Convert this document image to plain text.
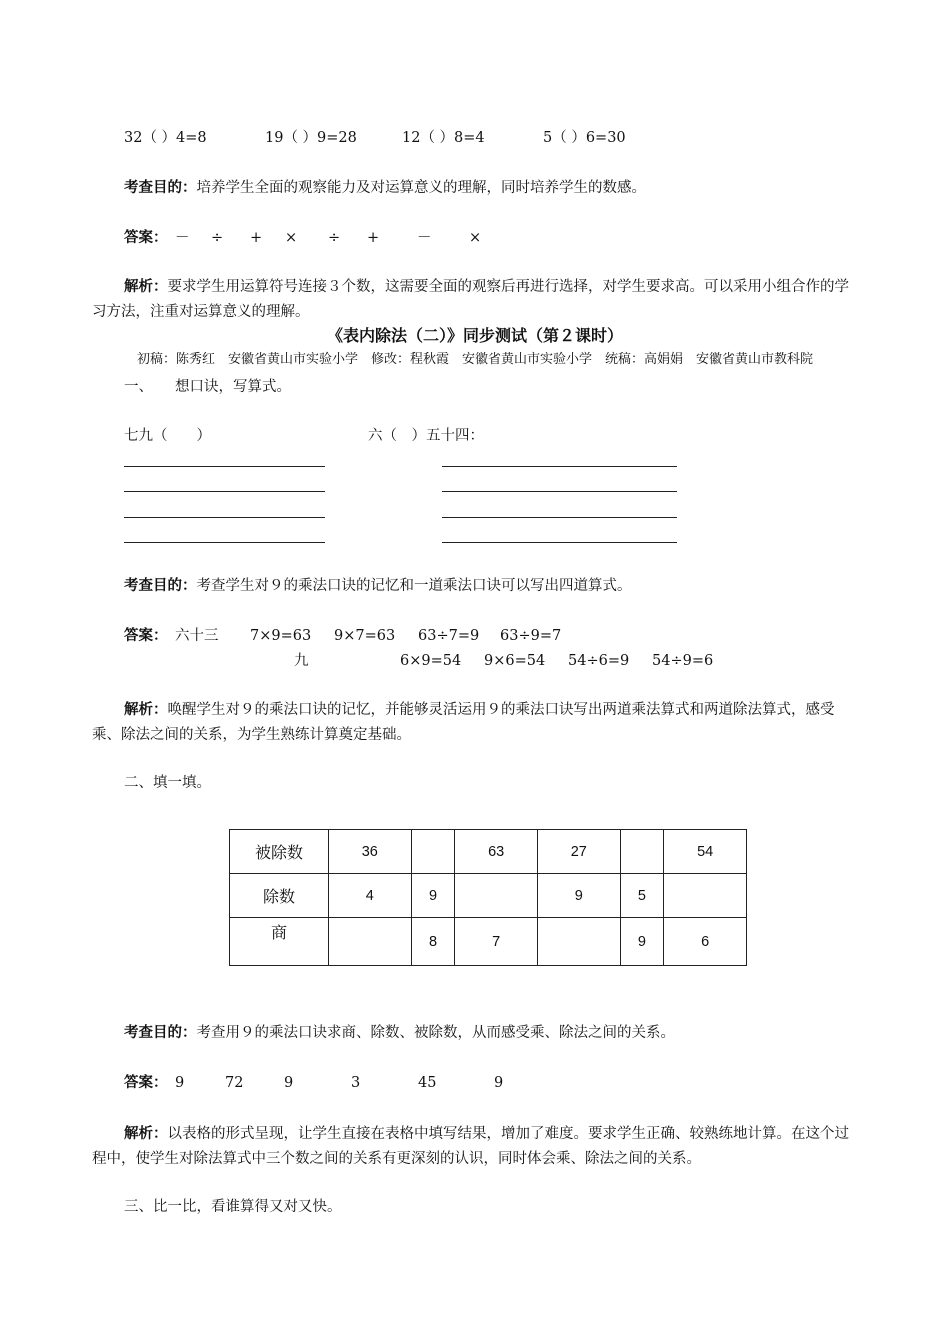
32（ ）4=8	19（ ）9=28	12（ ）8=4	5（ ）6=30
考查目的：培养学生全面的观察能力及对运算意义的理解，同时培养学生的数感。
答案： － ÷ + × ÷ +	－	×
解析：要求学生用运算符号连接３个数，这需要全面的观察后再进行选择，对学生要求高。可以采用小组合作的学习方法，注重对运算意义的理解。
《表内除法（二）》同步测试（第２课时）
初稿：陈秀红　安徽省黄山市实验小学　修改：程秋霞　安徽省黄山市实验小学　统稿：高娟娟　安徽省黄山市教科院
一、 想口诀，写算式。
七九（　　）	六（　）五十四：
考查目的：考查学生对９的乘法口诀的记忆和一道乘法口诀可以写出四道算式。
答案： 六十三 7×9=63 9×7=63 63÷7=9 63÷9=7
九	6×9=54 9×6=54 54÷6=9 54÷9=6
解析：唤醒学生对９的乘法口诀的记忆，并能够灵活运用９的乘法口诀写出两道乘法算式和两道除法算式，感受乘、除法之间的关系，为学生熟练计算奠定基础。
二、填一填。
被除数	36		63	27		54
除数	4	9		9	5	
商		8	7		9	6
考查目的：考查用９的乘法口诀求商、除数、被除数，从而感受乘、除法之间的关系。
答案： 9	72	9	3	45	9
解析：以表格的形式呈现，让学生直接在表格中填写结果，增加了难度。要求学生正确、较熟练地计算。在这个过程中，使学生对除法算式中三个数之间的关系有更深刻的认识，同时体会乘、除法之间的关系。
三、比一比，看谁算得又对又快。
